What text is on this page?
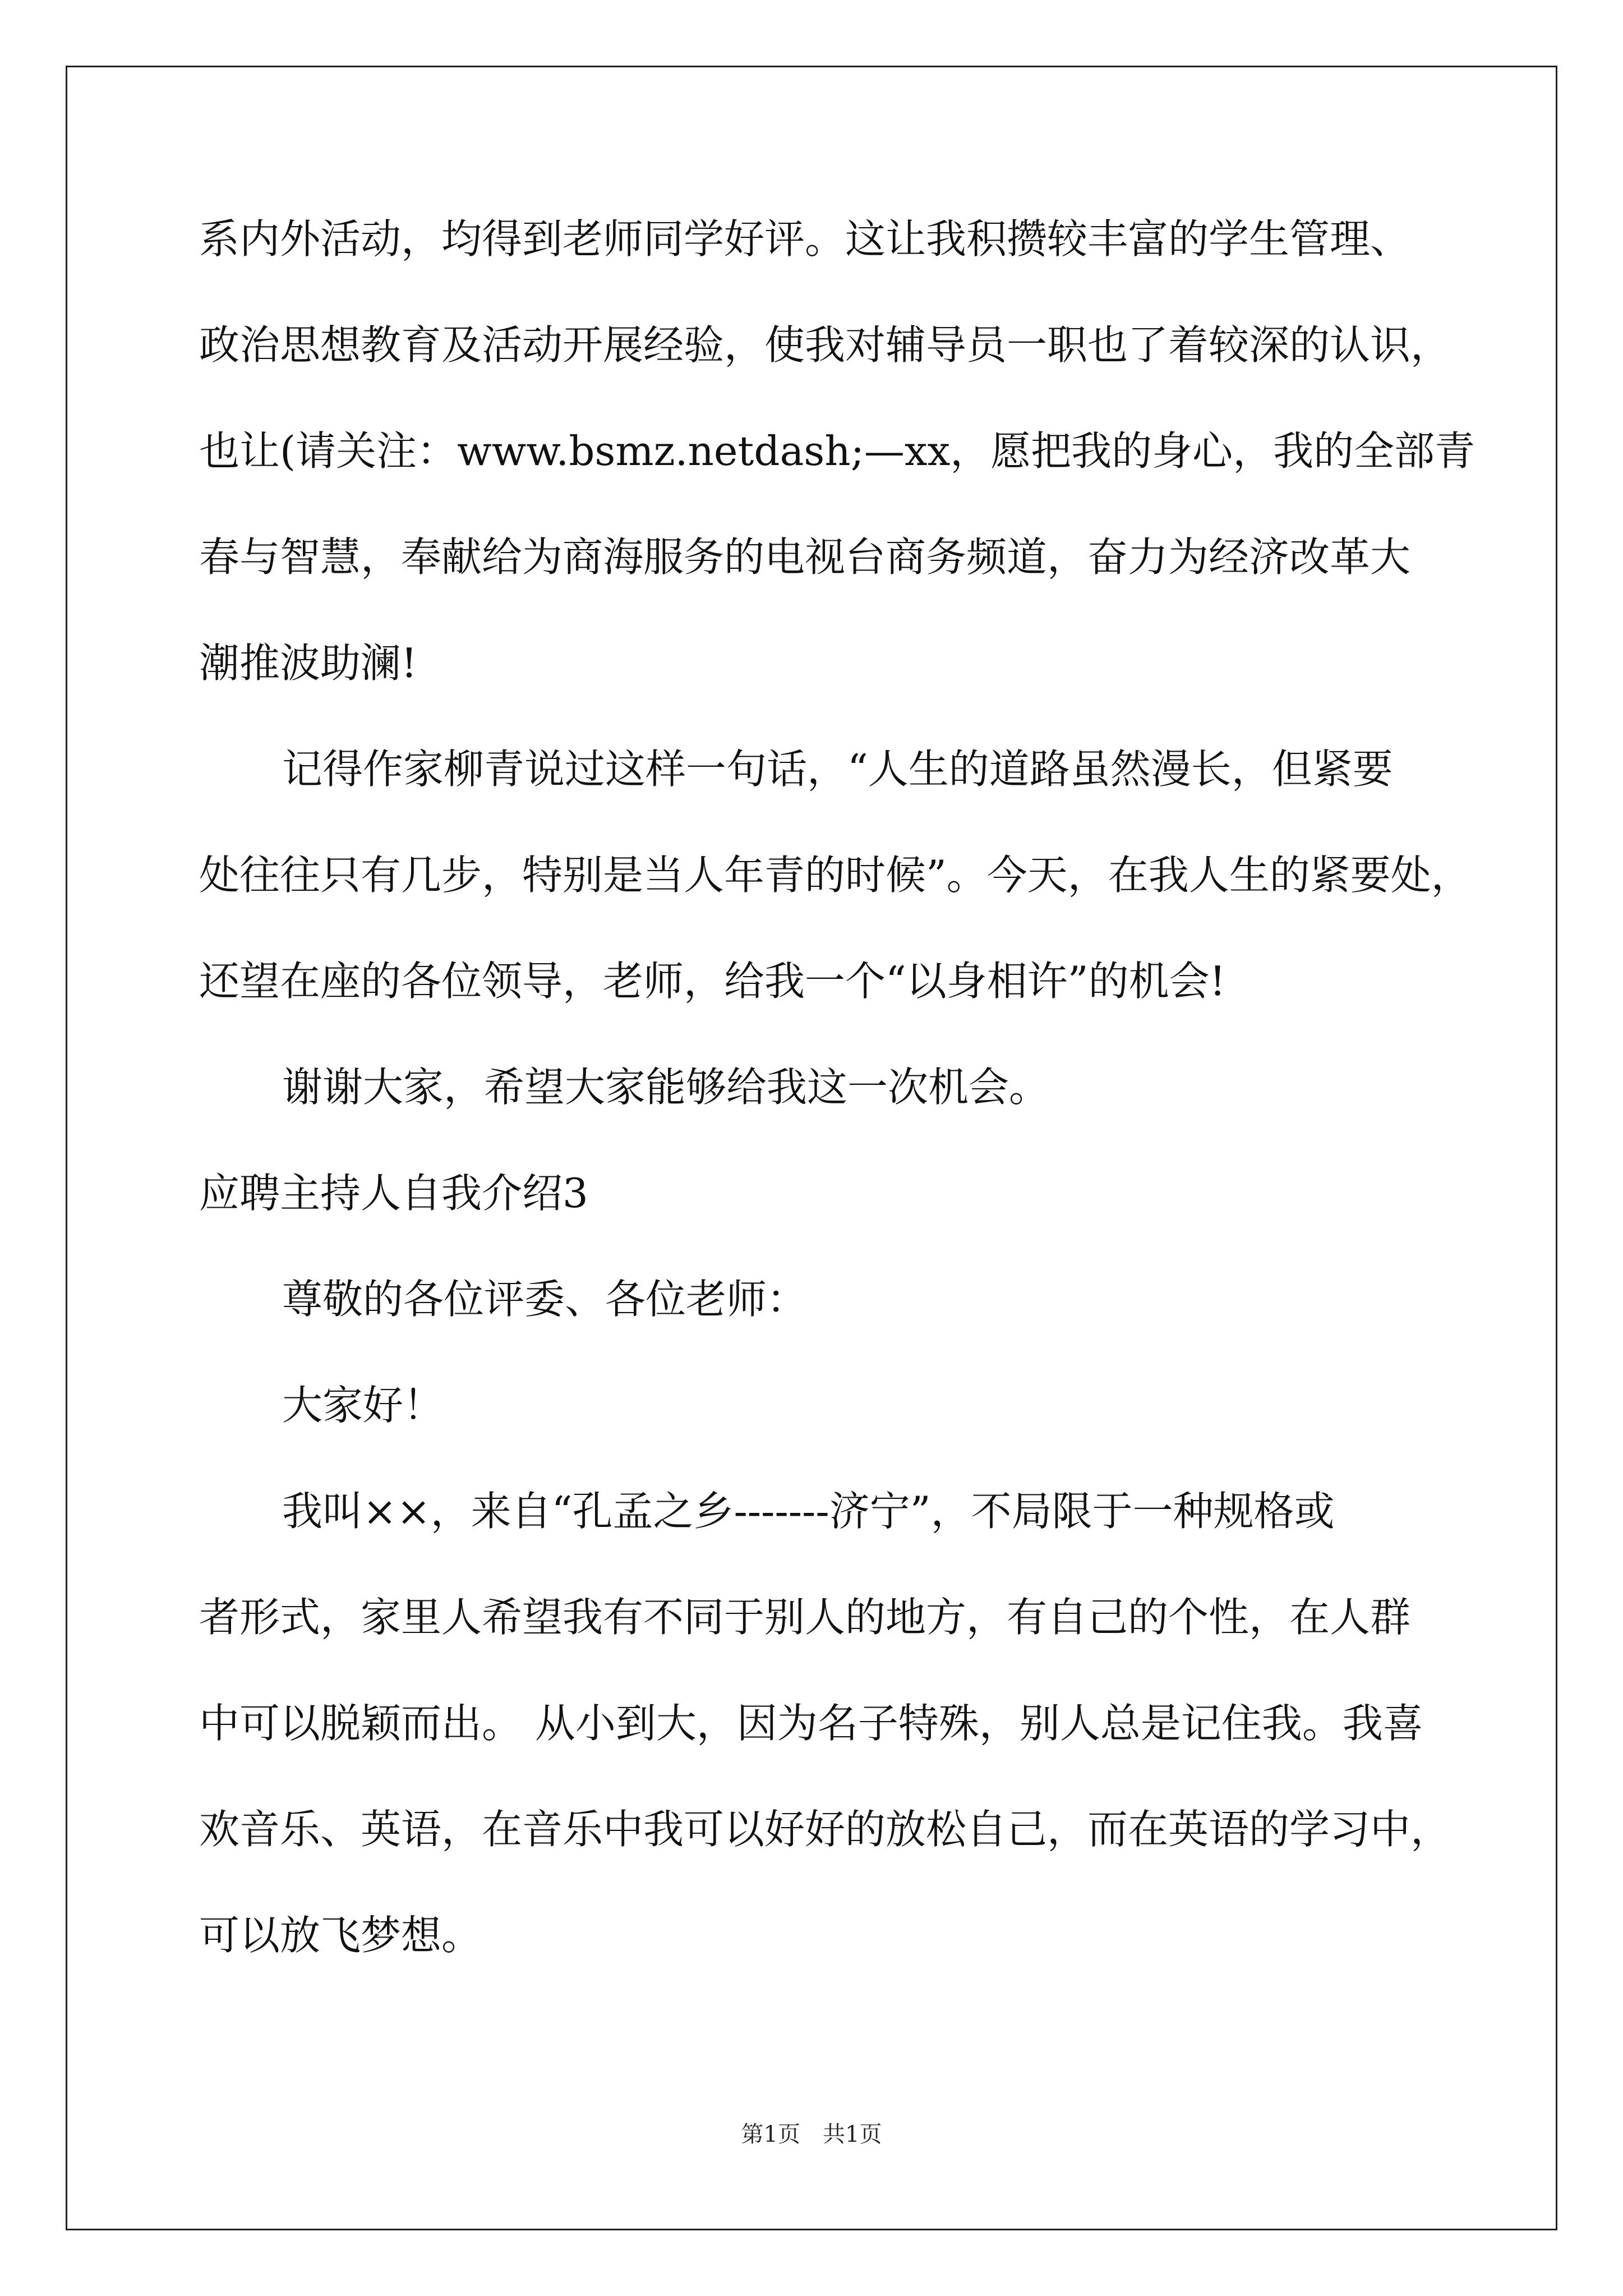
系内外活动，均得到老师同学好评。这让我积攒较丰富的学生管理、
政治思想教育及活动开展经验，使我对辅导员一职也了着较深的认识，
也让(请关注：www.bsmz.netdash;—xx，愿把我的身心，我的全部青
春与智慧，奉献给为商海服务的电视台商务频道，奋力为经济改革大
潮推波助澜!
记得作家柳青说过这样一句话，“人生的道路虽然漫长，但紧要
处往往只有几步，特别是当人年青的时候”。今天，在我人生的紧要处，
还望在座的各位领导，老师，给我一个“以身相许”的机会!
谢谢大家，希望大家能够给我这一次机会。
应聘主持人自我介绍3
尊敬的各位评委、各位老师：
大家好！
我叫××，来自“孔孟之乡-------济宁”，不局限于一种规格或
者形式，家里人希望我有不同于别人的地方，有自己的个性，在人群
中可以脱颖而出。 从小到大，因为名子特殊，别人总是记住我。我喜
欢音乐、英语，在音乐中我可以好好的放松自己，而在英语的学习中，
可以放飞梦想。
第1页　共1页
